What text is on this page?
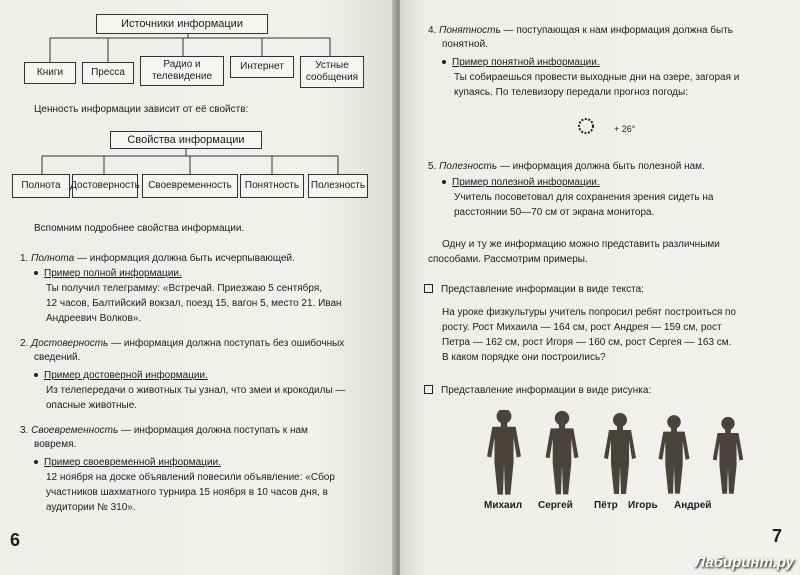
Источники информации
Книги	Пресса
Радио и телевидение
Интернет	Устные сообщения
Ценность информации зависит от её свойств:
Свойства информации
Полнота Достоверность Своевременность	Понятность	Полезность
Вспомним подробнее свойства информации.
1. Полнота — информация должна быть исчерпывающей.
Пример полной информации.
Ты получил телеграмму: «Встречай. Приезжаю 5 сентября,
12 часов, Балтийский вокзал, поезд 15, вагон 5, место 21. Иван
Андреевич Волков».
2. Достоверность — информация должна поступать без ошибочных
сведений.
Пример достоверной информации.
Из телепередачи о животных ты узнал, что змеи и крокодилы —
опасные животные.
3. Своевременность — информация должна поступать к нам
вовремя.
Пример своевременной информации.
12 ноября на доске объявлений повесили объявление: «Сбор
участников шахматного турнира 15 ноября в 10 часов дня, в
аудитории № 310».
6
4. Понятность — поступающая к нам информация должна быть
понятной.
Пример понятной информации.
Ты собираешься провести выходные дни на озере, загорая и
купаясь. По телевизору передали прогноз погоды:
+ 26°
5. Полезность — информация должна быть полезной нам.
Пример полезной информации.
Учитель посоветовал для сохранения зрения сидеть на
расстоянии 50—70 см от экрана монитора.
Одну и ту же информацию можно представить различными
способами. Рассмотрим примеры.
Представление информации в виде текста:
На уроке физкультуры учитель попросил ребят построиться по
росту. Рост Михаила — 164 см, рост Андрея — 159 см, рост
Петра — 162 см, рост Игоря — 160 см, рост Сергея — 163 см.
В каком порядке они построились?
Представление информации в виде рисунка:
Михаил Сергей Пётр Игорь Андрей
7
Лабиринт.ру
